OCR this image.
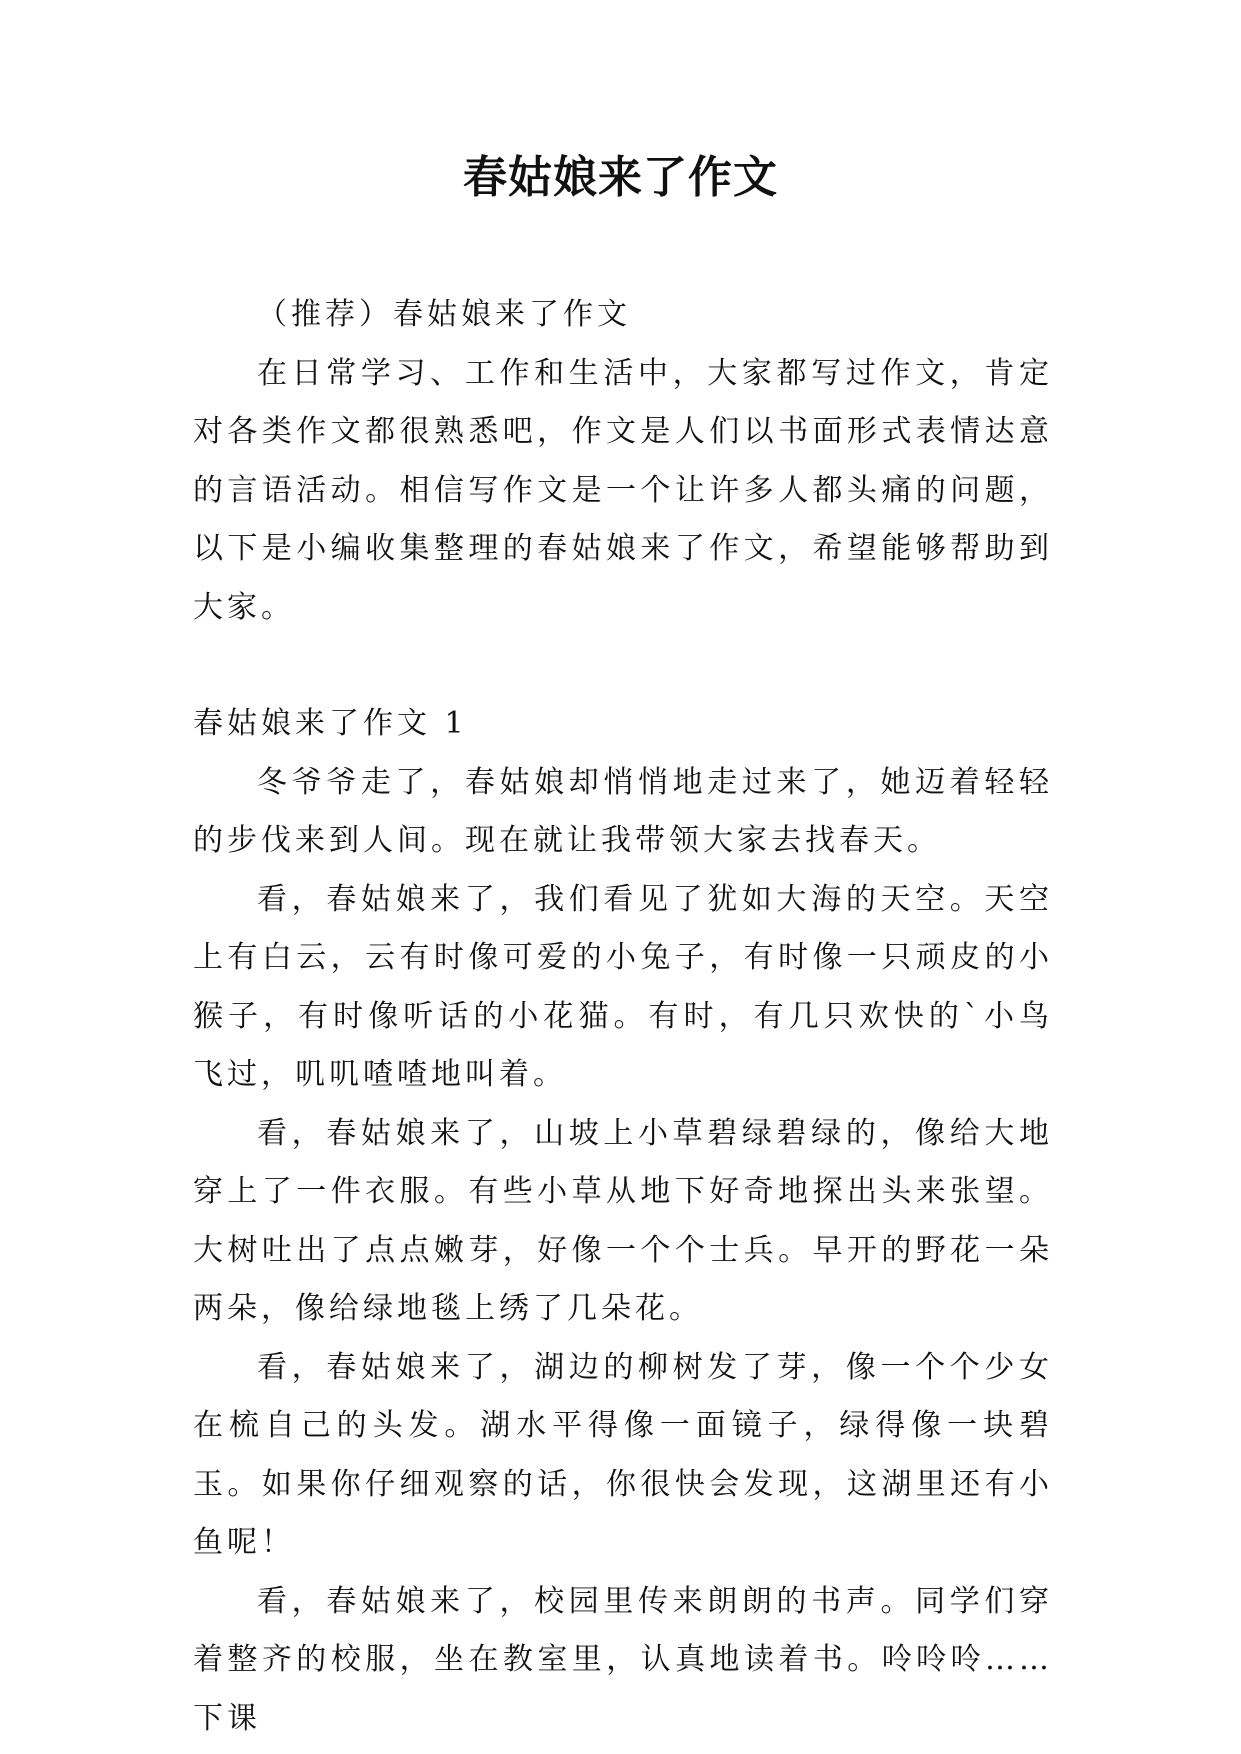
春姑娘来了作文

（推荐）春姑娘来了作文

在日常学习、工作和生活中，大家都写过作文，肯定对各类作文都很熟悉吧，作文是人们以书面形式表情达意的言语活动。相信写作文是一个让许多人都头痛的问题，以下是小编收集整理的春姑娘来了作文，希望能够帮助到大家。

春姑娘来了作文 1

冬爷爷走了，春姑娘却悄悄地走过来了，她迈着轻轻的步伐来到人间。现在就让我带领大家去找春天。

看，春姑娘来了，我们看见了犹如大海的天空。天空上有白云，云有时像可爱的小兔子，有时像一只顽皮的小猴子，有时像听话的小花猫。有时，有几只欢快的`小鸟飞过，叽叽喳喳地叫着。

看，春姑娘来了，山坡上小草碧绿碧绿的，像给大地穿上了一件衣服。有些小草从地下好奇地探出头来张望。大树吐出了点点嫩芽，好像一个个士兵。早开的野花一朵两朵，像给绿地毯上绣了几朵花。

看，春姑娘来了，湖边的柳树发了芽，像一个个少女在梳自己的头发。湖水平得像一面镜子，绿得像一块碧玉。如果你仔细观察的话，你很快会发现，这湖里还有小鱼呢！

看，春姑娘来了，校园里传来朗朗的书声。同学们穿着整齐的校服，坐在教室里，认真地读着书。呤呤呤……下课
